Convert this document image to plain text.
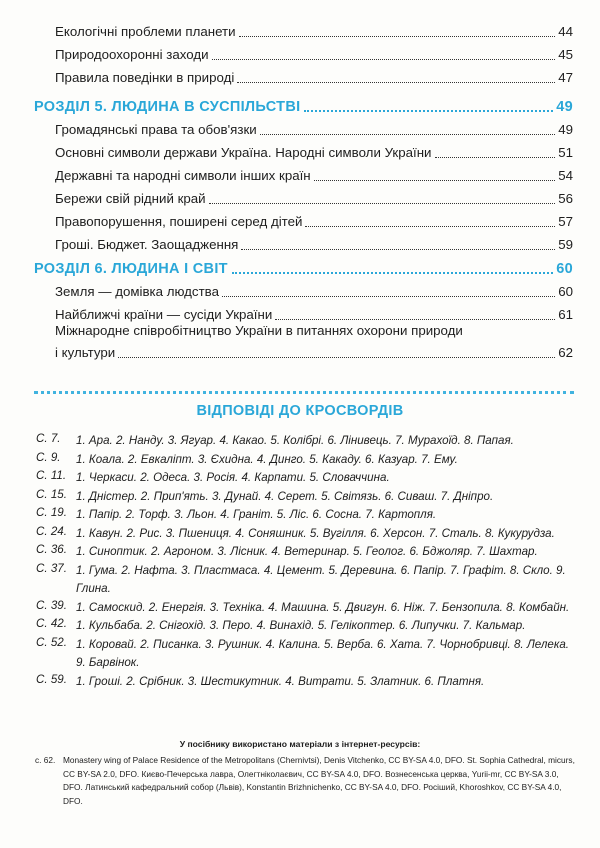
Екологічні проблеми планети	44
Природоохоронні заходи	45
Правила поведінки в природі	47
РОЗДІЛ 5. ЛЮДИНА В СУСПІЛЬСТВІ	49
Громадянські права та обов'язки	49
Основні символи держави Україна. Народні символи України	51
Державні та народні символи інших країн	54
Бережи свій рідний край	56
Правопорушення, поширені серед дітей	57
Гроші. Бюджет. Заощадження	59
РОЗДІЛ 6. ЛЮДИНА І СВІТ	60
Земля — домівка людства	60
Найближчі країни — сусіди України	61
Міжнародне співробітництво України в питаннях охорони природи
і культури	62
ВІДПОВІДІ ДО КРОСВОРДІВ
С. 7.	1. Ара. 2. Нанду. 3. Ягуар. 4. Какао. 5. Колібрі. 6. Лінивець. 7. Мурахоїд. 8. Папая.
С. 9.	1. Коала. 2. Евкаліпт. 3. Єхидна. 4. Динго. 5. Какаду. 6. Казуар. 7. Ему.
С. 11. 1. Черкаси. 2. Одеса. 3. Росія. 4. Карпати. 5. Словаччина.
С. 15. 1. Дністер. 2. Прип'ять. 3. Дунай. 4. Серет. 5. Світязь. 6. Сиваш. 7. Дніпро.
С. 19. 1. Папір. 2. Торф. 3. Льон. 4. Граніт. 5. Ліс. 6. Сосна. 7. Картопля.
С. 24. 1. Кавун. 2. Рис. 3. Пшениця. 4. Соняшник. 5. Вугілля. 6. Херсон. 7. Сталь. 8. Кукурудза.
С. 36. 1. Синоптик. 2. Агроном. 3. Лісник. 4. Ветеринар. 5. Геолог. 6. Бджоляр. 7. Шахтар.
С. 37. 1. Гума. 2. Нафта. 3. Пластмаса. 4. Цемент. 5. Деревина. 6. Папір. 7. Графіт. 8. Скло. 9. Глина.
С. 39. 1. Самоскид. 2. Енергія. 3. Техніка. 4. Машина. 5. Двигун. 6. Ніж. 7. Бензопила. 8. Комбайн.
С. 42. 1. Кульбаба. 2. Снігохід. 3. Перо. 4. Винахід. 5. Гелікоптер. 6. Липучки. 7. Кальмар.
С. 52. 1. Коровай. 2. Писанка. 3. Рушник. 4. Калина. 5. Верба. 6. Хата. 7. Чорнобривці. 8. Лелека. 9. Барвінок.
С. 59. 1. Гроші. 2. Срібник. 3. Шестикутник. 4. Витрати. 5. Златник. 6. Платня.
У посібнику використано матеріали з інтернет-ресурсів:
с. 62. Monastery wing of Palace Residence of the Metropolitans (Chernivtsi), Denis Vitchenko, CC BY-SA 4.0, DFO. St. Sophia Cathedral, micurs, CC BY-SA 2.0, DFO. Києво-Печерська лавра, Олегтніколаєвич, CC BY-SA 4.0, DFO. Вознесенська церква, Yurii-mr, CC BY-SA 3.0, DFO. Латинський кафедральний собор (Львів), Konstantin Brizhnichenko, CC BY-SA 4.0, DFO. Росіший, Khoroshkov, CC BY-SA 4.0, DFO.
